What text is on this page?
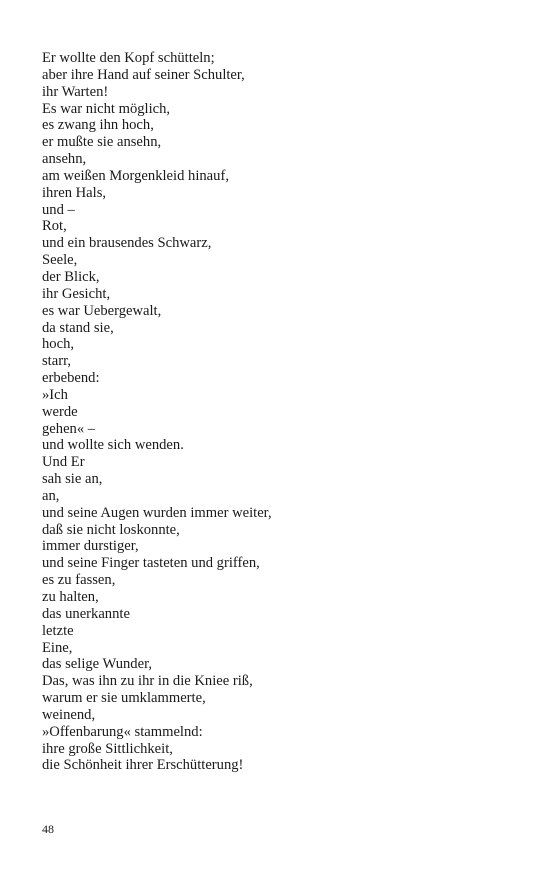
Er wollte den Kopf schütteln;
aber ihre Hand auf seiner Schulter,
ihr Warten!
Es war nicht möglich,
es zwang ihn hoch,
er mußte sie ansehn,
ansehn,
am weißen Morgenkleid hinauf,
ihren Hals,
und –
Rot,
und ein brausendes Schwarz,
Seele,
der Blick,
ihr Gesicht,
es war Uebergewalt,
da stand sie,
hoch,
starr,
erbebend:
»Ich
werde
gehen« –
und wollte sich wenden.
Und Er
sah sie an,
an,
und seine Augen wurden immer weiter,
daß sie nicht loskonnte,
immer durstiger,
und seine Finger tasteten und griffen,
es zu fassen,
zu halten,
das unerkannte
letzte
Eine,
das selige Wunder,
Das, was ihn zu ihr in die Kniee riß,
warum er sie umklammerte,
weinend,
»Offenbarung« stammelnd:
ihre große Sittlichkeit,
die Schönheit ihrer Erschütterung!
48
